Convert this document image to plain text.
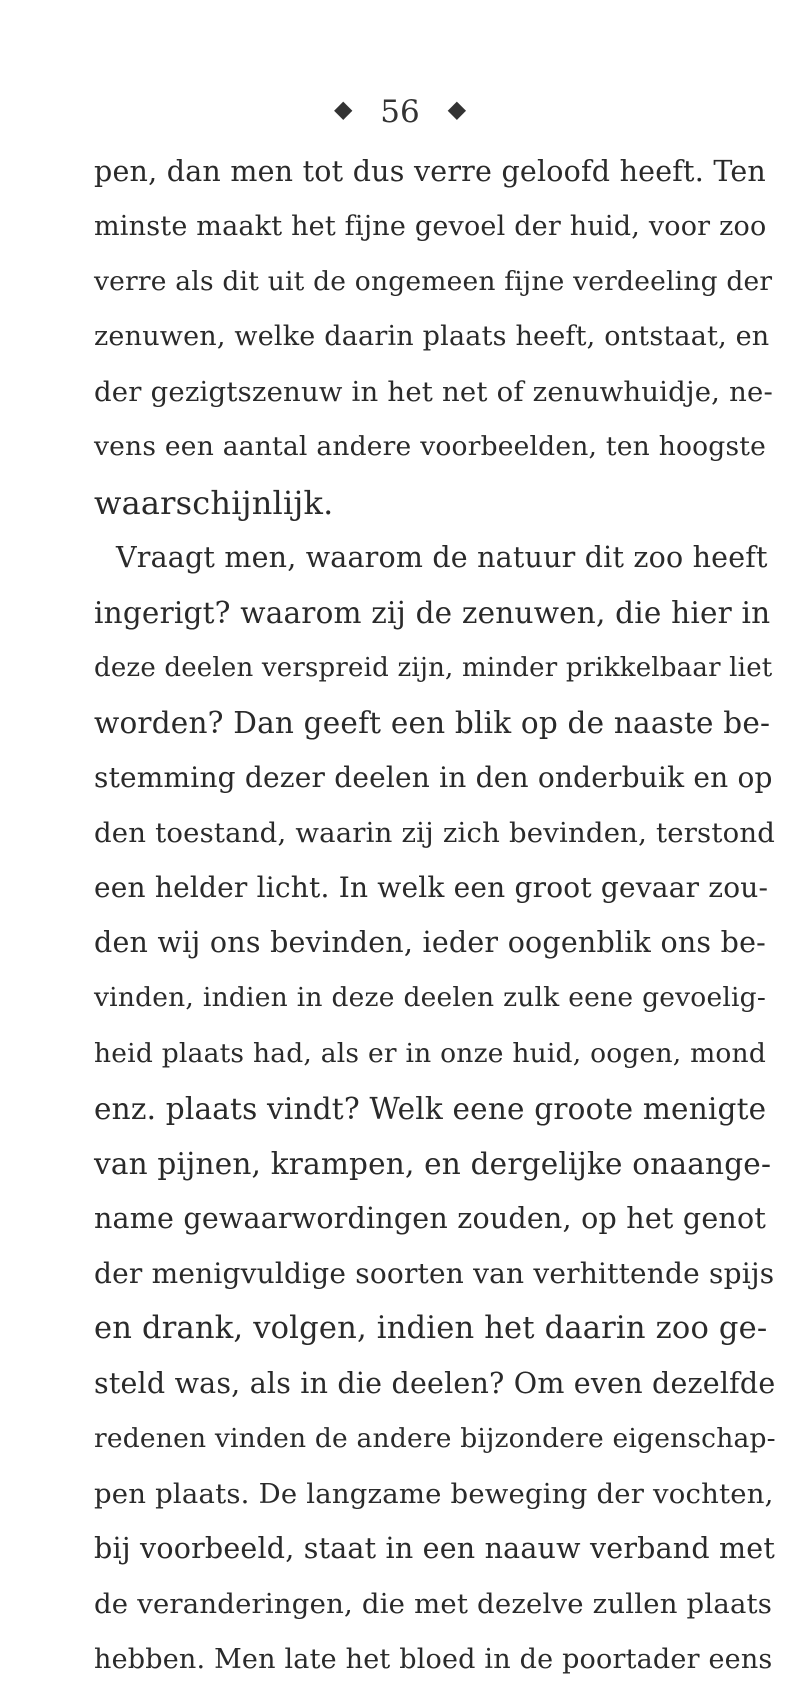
◆ 56 ◆
pen, dan men tot dus verre geloofd heeft. Ten
minste maakt het fijne gevoel der huid, voor zoo
verre als dit uit de ongemeen fijne verdeeling der
zenuwen, welke daarin plaats heeft, ontstaat, en
der gezigtszenuw in het net of zenuwhuidje, ne-
vens een aantal andere voorbeelden, ten hoogste
waarschijnlijk.
Vraagt men, waarom de natuur dit zoo heeft
ingerigt? waarom zij de zenuwen, die hier in
deze deelen verspreid zijn, minder prikkelbaar liet
worden? Dan geeft een blik op de naaste be-
stemming dezer deelen in den onderbuik en op
den toestand, waarin zij zich bevinden, terstond
een helder licht. In welk een groot gevaar zou-
den wij ons bevinden, ieder oogenblik ons be-
vinden, indien in deze deelen zulk eene gevoelig-
heid plaats had, als er in onze huid, oogen, mond
enz. plaats vindt? Welk eene groote menigte
van pijnen, krampen, en dergelijke onaange-
name gewaarwordingen zouden, op het genot
der menigvuldige soorten van verhittende spijs
en drank, volgen, indien het daarin zoo ge-
steld was, als in die deelen? Om even dezelfde
redenen vinden de andere bijzondere eigenschap-
pen plaats. De langzame beweging der vochten,
bij voorbeeld, staat in een naauw verband met
de veranderingen, die met dezelve zullen plaats
hebben. Men late het bloed in de poortader eens
